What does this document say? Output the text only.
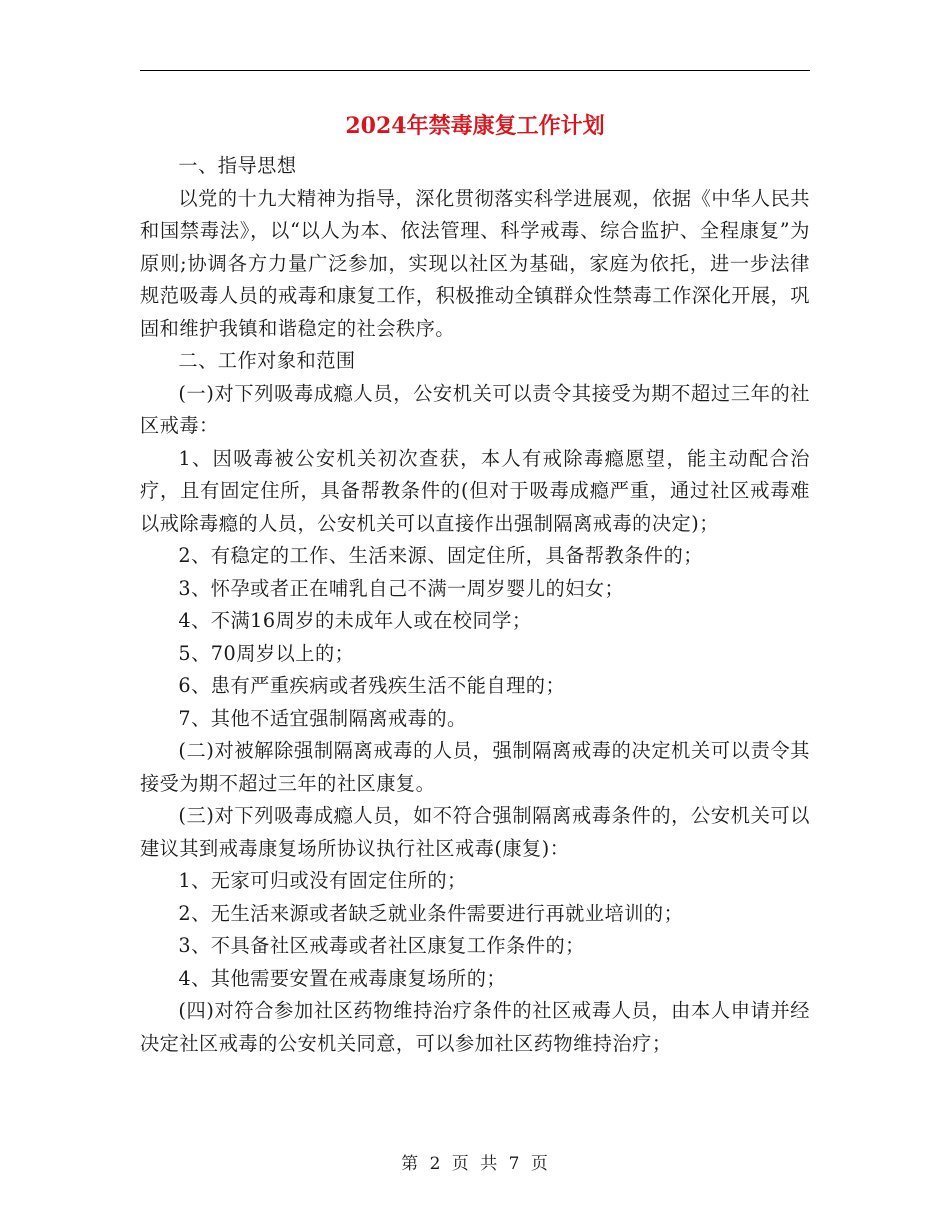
2024年禁毒康复工作计划

一、指导思想

以党的十九大精神为指导，深化贯彻落实科学进展观，依据《中华人民共和国禁毒法》，以“以人为本、依法管理、科学戒毒、综合监护、全程康复”为原则;协调各方力量广泛参加，实现以社区为基础，家庭为依托，进一步法律规范吸毒人员的戒毒和康复工作，积极推动全镇群众性禁毒工作深化开展，巩固和维护我镇和谐稳定的社会秩序。

二、工作对象和范围

(一)对下列吸毒成瘾人员，公安机关可以责令其接受为期不超过三年的社区戒毒：

1、因吸毒被公安机关初次查获，本人有戒除毒瘾愿望，能主动配合治疗，且有固定住所，具备帮教条件的(但对于吸毒成瘾严重，通过社区戒毒难以戒除毒瘾的人员，公安机关可以直接作出强制隔离戒毒的决定)；

2、有稳定的工作、生活来源、固定住所，具备帮教条件的；

3、怀孕或者正在哺乳自己不满一周岁婴儿的妇女；

4、不满16周岁的未成年人或在校同学；

5、70周岁以上的；

6、患有严重疾病或者残疾生活不能自理的；

7、其他不适宜强制隔离戒毒的。

(二)对被解除强制隔离戒毒的人员，强制隔离戒毒的决定机关可以责令其接受为期不超过三年的社区康复。

(三)对下列吸毒成瘾人员，如不符合强制隔离戒毒条件的，公安机关可以建议其到戒毒康复场所协议执行社区戒毒(康复)：

1、无家可归或没有固定住所的；

2、无生活来源或者缺乏就业条件需要进行再就业培训的；

3、不具备社区戒毒或者社区康复工作条件的；

4、其他需要安置在戒毒康复场所的；

(四)对符合参加社区药物维持治疗条件的社区戒毒人员，由本人申请并经决定社区戒毒的公安机关同意，可以参加社区药物维持治疗；

第 2 页 共 7 页
